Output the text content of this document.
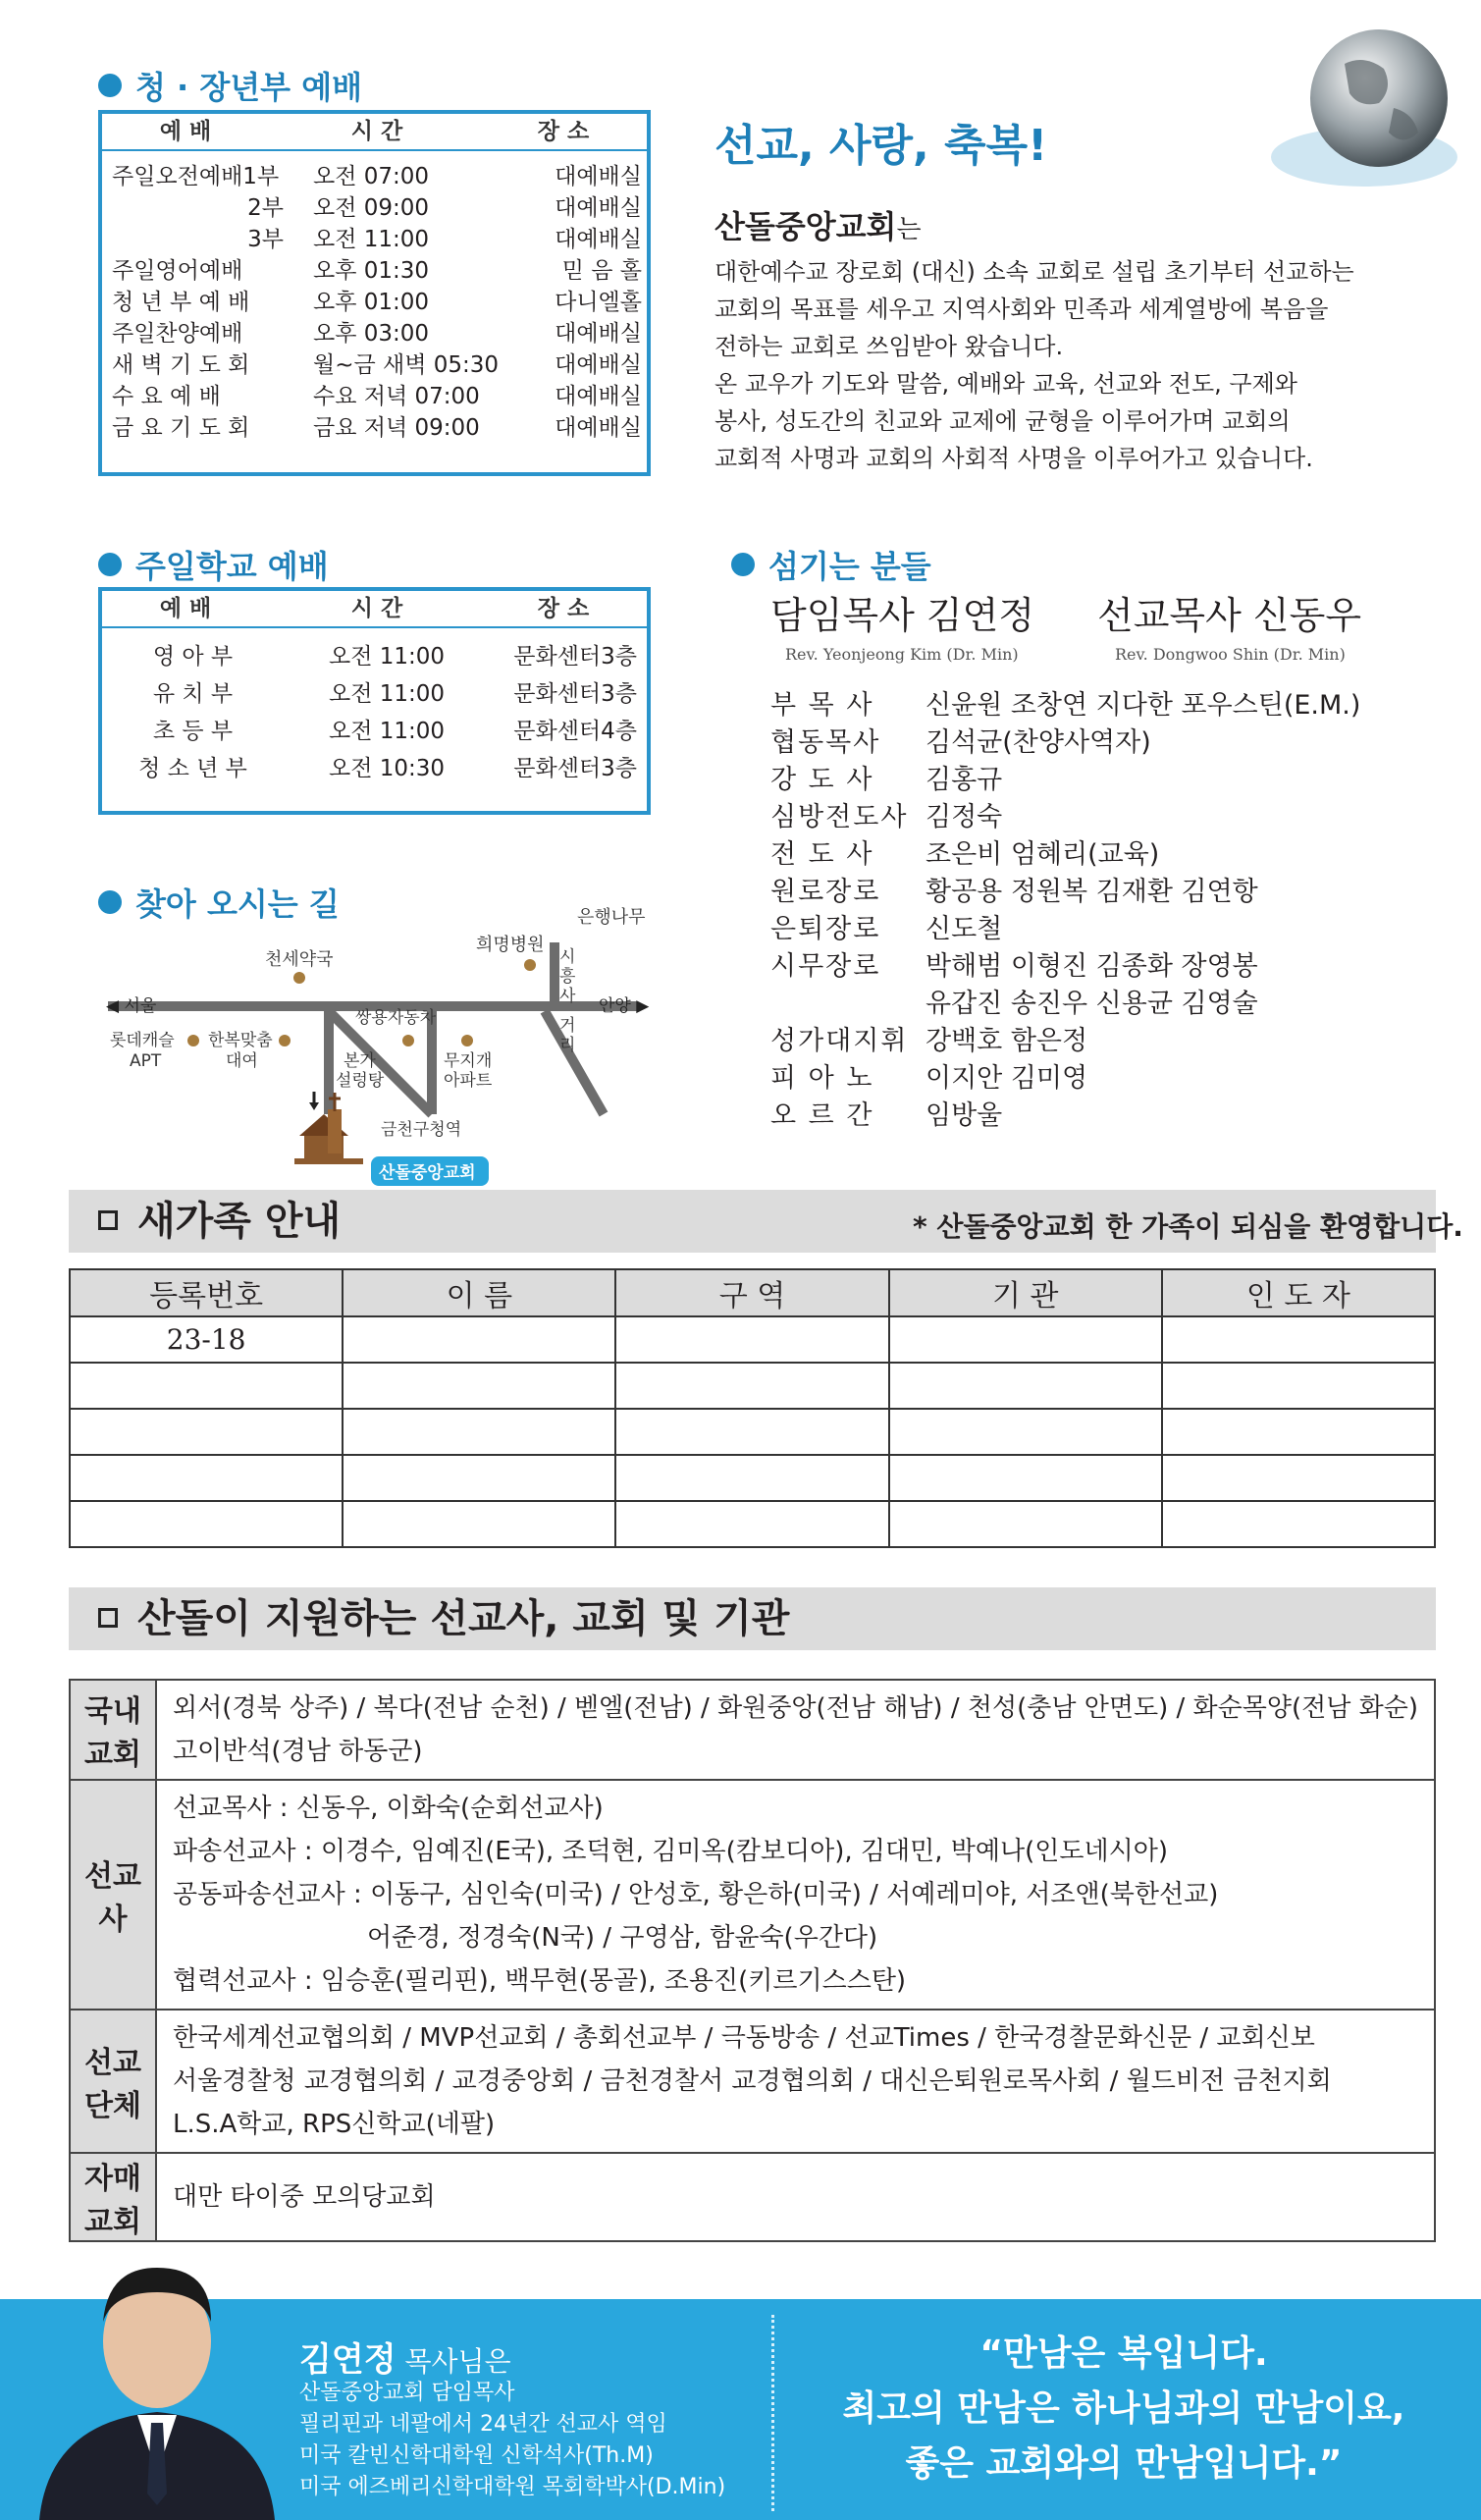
청 · 장년부 예배
예 배	시 간	장 소
주일오전예배1부	오전 07:00	대예배실
2부	오전 09:00	대예배실
3부	오전 11:00	대예배실
주일영어예배	오후 01:30	믿 음 홀
청 년 부 예 배	오후 01:00	다니엘홀
주일찬양예배	오후 03:00	대예배실
새 벽 기 도 회	월~금 새벽 05:30	대예배실
수 요 예 배	수요 저녁 07:00	대예배실
금 요 기 도 회	금요 저녁 09:00	대예배실
주일학교 예배
예 배	시 간	장 소
영 아 부	오전 11:00	문화센터3층
유 치 부	오전 11:00	문화센터3층
초 등 부	오전 11:00	문화센터4층
청 소 년 부	오전 10:30	문화센터3층
찾아 오시는 길	은행나무
희명병원
천세약국
◀ 서울	안양 ▶
롯데캐슬
APT
한복맞춤
대여
쌍용자동차
본가
설렁탕
무지개
아파트
금천구청역
산돌중앙교회
시
흥
사
거
리
선교, 사랑, 축복!
산돌중앙교회는
대한예수교 장로회 (대신) 소속 교회로 설립 초기부터 선교하는
교회의 목표를 세우고 지역사회와 민족과 세계열방에 복음을
전하는 교회로 쓰임받아 왔습니다.
온 교우가 기도와 말씀, 예배와 교육, 선교와 전도, 구제와
봉사, 성도간의 친교와 교제에 균형을 이루어가며 교회의
교회적 사명과 교회의 사회적 사명을 이루어가고 있습니다.
섬기는 분들
담임목사 김연정 선교목사 신동우
Rev. Yeonjeong Kim (Dr. Min)	Rev. Dongwoo Shin (Dr. Min)
부 목 사	신윤원 조창연 지다한 포우스틴(E.M.)
협동목사	김석균(찬양사역자)
강 도 사	김홍규
심방전도사 김정숙
전 도 사	조은비 엄혜리(교육)
원로장로	황공용 정원복 김재환 김연항
은퇴장로	신도철
시무장로	박해범 이형진 김종화 장영봉
유갑진 송진우 신용균 김영술
성가대지휘 강백호 함은정
피 아 노	이지안 김미영
오 르 간	임방울
새가족 안내	* 산돌중앙교회 한 가족이 되심을 환영합니다.
등록번호	이 름	구 역	기 관	인 도 자
23-18				

산돌이 지원하는 선교사, 교회 및 기관
국내교회	외서(경북 상주) / 복다(전남 순천) / 벧엘(전남) / 화원중앙(전남 해남) / 천성(충남 안면도) / 화순목양(전남 화순)
고이반석(경남 하동군)

선교사	선교목사 : 신동우, 이화숙(순회선교사)
파송선교사 : 이경수, 임예진(E국), 조덕현, 김미옥(캄보디아), 김대민, 박예나(인도네시아)
공동파송선교사 : 이동구, 심인숙(미국) / 안성호, 황은하(미국) / 서예레미야, 서조앤(북한선교)
어준경, 정경숙(N국) / 구영삼, 함윤숙(우간다)
협력선교사 : 임승훈(필리핀), 백무현(몽골), 조용진(키르기스스탄)

선교단체	한국세계선교협의회 / MVP선교회 / 총회선교부 / 극동방송 / 선교Times / 한국경찰문화신문 / 교회신보
서울경찰청 교경협의회 / 교경중앙회 / 금천경찰서 교경협의회 / 대신은퇴원로목사회 / 월드비전 금천지회
L.S.A학교, RPS신학교(네팔)

자매교회	대만 타이중 모의당교회
김연정 목사님은
산돌중앙교회 담임목사
필리핀과 네팔에서 24년간 선교사 역임
미국 칼빈신학대학원 신학석사(Th.M)
미국 에즈베리신학대학원 목회학박사(D.Min)
“만남은 복입니다.
최고의 만남은 하나님과의 만남이요,
좋은 교회와의 만남입니다.”
